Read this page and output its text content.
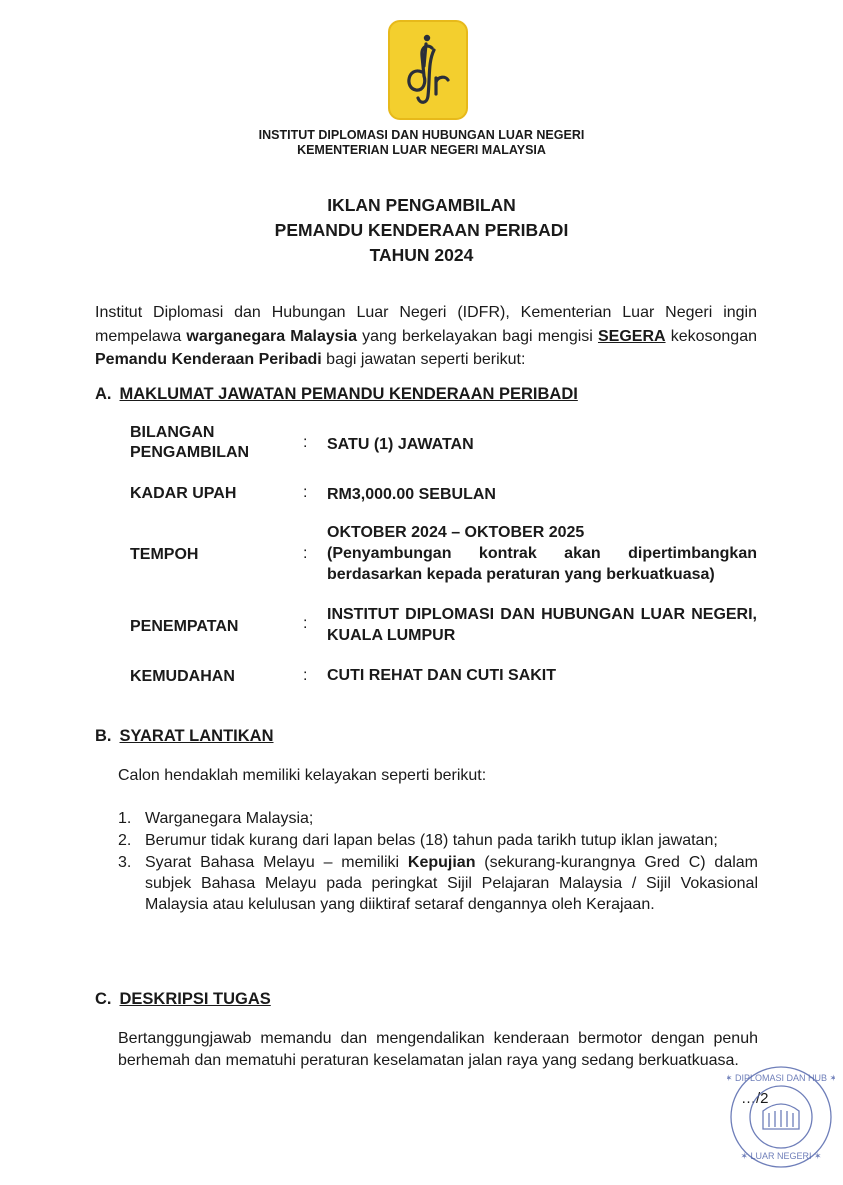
INSTITUT DIPLOMASI DAN HUBUNGAN LUAR NEGERI
KEMENTERIAN LUAR NEGERI MALAYSIA
IKLAN PENGAMBILAN
PEMANDU KENDERAAN PERIBADI
TAHUN 2024
Institut Diplomasi dan Hubungan Luar Negeri (IDFR), Kementerian Luar Negeri ingin mempelawa warganegara Malaysia yang berkelayakan bagi mengisi SEGERA kekosongan Pemandu Kenderaan Peribadi bagi jawatan seperti berikut:
A. MAKLUMAT JAWATAN PEMANDU KENDERAAN PERIBADI
BILANGAN PENGAMBILAN
: SATU (1) JAWATAN
KADAR UPAH	: RM3,000.00 SEBULAN
TEMPOH	:
OKTOBER 2024 – OKTOBER 2025
(Penyambungan kontrak akan dipertimbangkan berdasarkan kepada peraturan yang berkuatkuasa)
PENEMPATAN	:
INSTITUT DIPLOMASI DAN HUBUNGAN LUAR NEGERI, KUALA LUMPUR
KEMUDAHAN	: CUTI REHAT DAN CUTI SAKIT
B. SYARAT LANTIKAN
Calon hendaklah memiliki kelayakan seperti berikut:
1. Warganegara Malaysia;
2. Berumur tidak kurang dari lapan belas (18) tahun pada tarikh tutup iklan jawatan;
3. Syarat Bahasa Melayu – memiliki Kepujian (sekurang-kurangnya Gred C) dalam subjek Bahasa Melayu pada peringkat Sijil Pelajaran Malaysia / Sijil Vokasional Malaysia atau kelulusan yang diiktiraf setaraf dengannya oleh Kerajaan.
C. DESKRIPSI TUGAS
Bertanggungjawab memandu dan mengendalikan kenderaan bermotor dengan penuh berhemah dan mematuhi peraturan keselamatan jalan raya yang sedang berkuatkuasa.
…/2
✶ DIPLOMASI DAN HUB ✶
✶ LUAR NEGERI ✶
